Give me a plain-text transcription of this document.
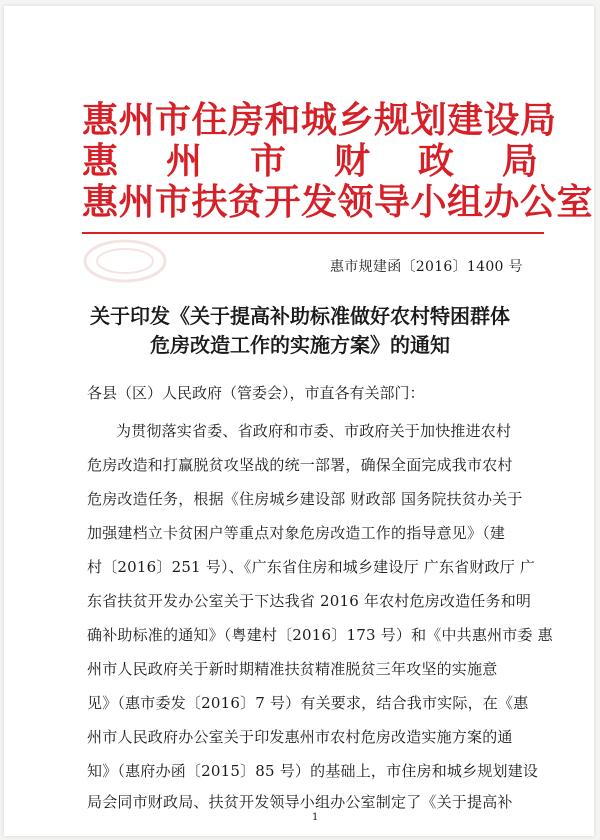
惠州市住房和城乡规划建设局
惠 州 市 财 政 局
惠州市扶贫开发领导小组办公室
惠市规建函〔2016〕1400 号
关于印发《关于提高补助标准做好农村特困群体
危房改造工作的实施方案》的通知
各县（区）人民政府（管委会），市直各有关部门：
为贯彻落实省委、省政府和市委、市政府关于加快推进农村
危房改造和打赢脱贫攻坚战的统一部署，确保全面完成我市农村
危房改造任务，根据《住房城乡建设部 财政部 国务院扶贫办关于
加强建档立卡贫困户等重点对象危房改造工作的指导意见》（建
村〔2016〕251 号）、《广东省住房和城乡建设厅 广东省财政厅 广
东省扶贫开发办公室关于下达我省 2016 年农村危房改造任务和明
确补助标准的通知》（粤建村〔2016〕173 号）和《中共惠州市委 惠
州市人民政府关于新时期精准扶贫精准脱贫三年攻坚的实施意
见》（惠市委发〔2016〕7 号）有关要求，结合我市实际，在《惠
州市人民政府办公室关于印发惠州市农村危房改造实施方案的通
知》（惠府办函〔2015〕85 号）的基础上，市住房和城乡规划建设
局会同市财政局、扶贫开发领导小组办公室制定了《关于提高补
1
